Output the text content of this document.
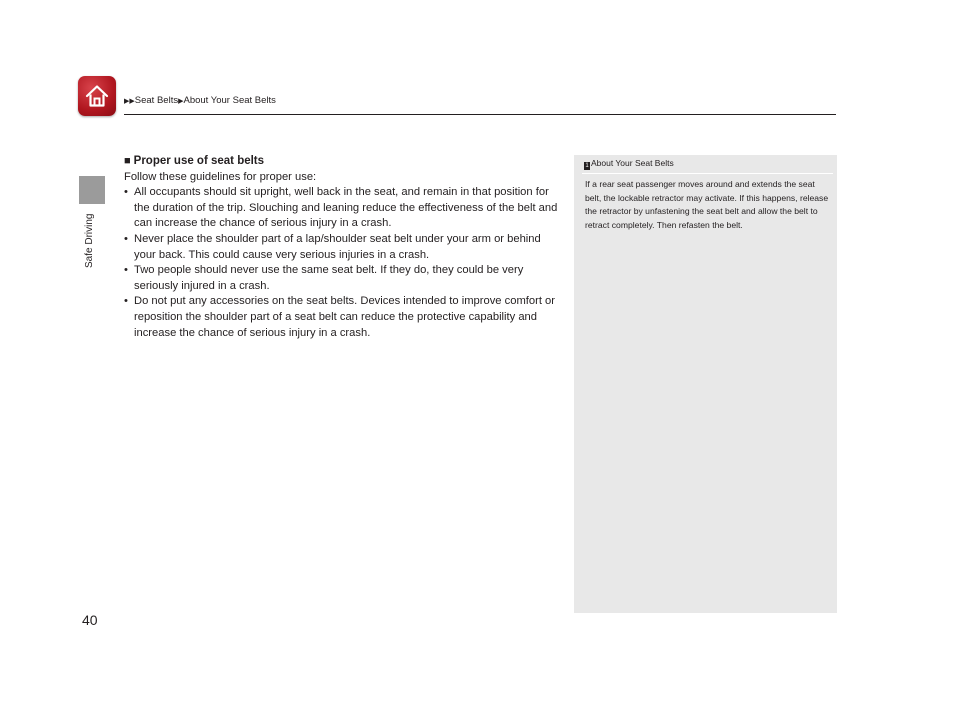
▶▶Seat Belts▶About Your Seat Belts
Safe Driving
40
■ Proper use of seat belts

Follow these guidelines for proper use:

• All occupants should sit upright, well back in the seat, and remain in that position for the duration of the trip. Slouching and leaning reduce the effectiveness of the belt and can increase the chance of serious injury in a crash.
• Never place the shoulder part of a lap/shoulder seat belt under your arm or behind your back. This could cause very serious injuries in a crash.
• Two people should never use the same seat belt. If they do, they could be very seriously injured in a crash.
• Do not put any accessories on the seat belts. Devices intended to improve comfort or reposition the shoulder part of a seat belt can reduce the protective capability and increase the chance of serious injury in a crash.
1 About Your Seat Belts
If a rear seat passenger moves around and extends the seat belt, the lockable retractor may activate. If this happens, release the retractor by unfastening the seat belt and allow the belt to retract completely. Then refasten the belt.
